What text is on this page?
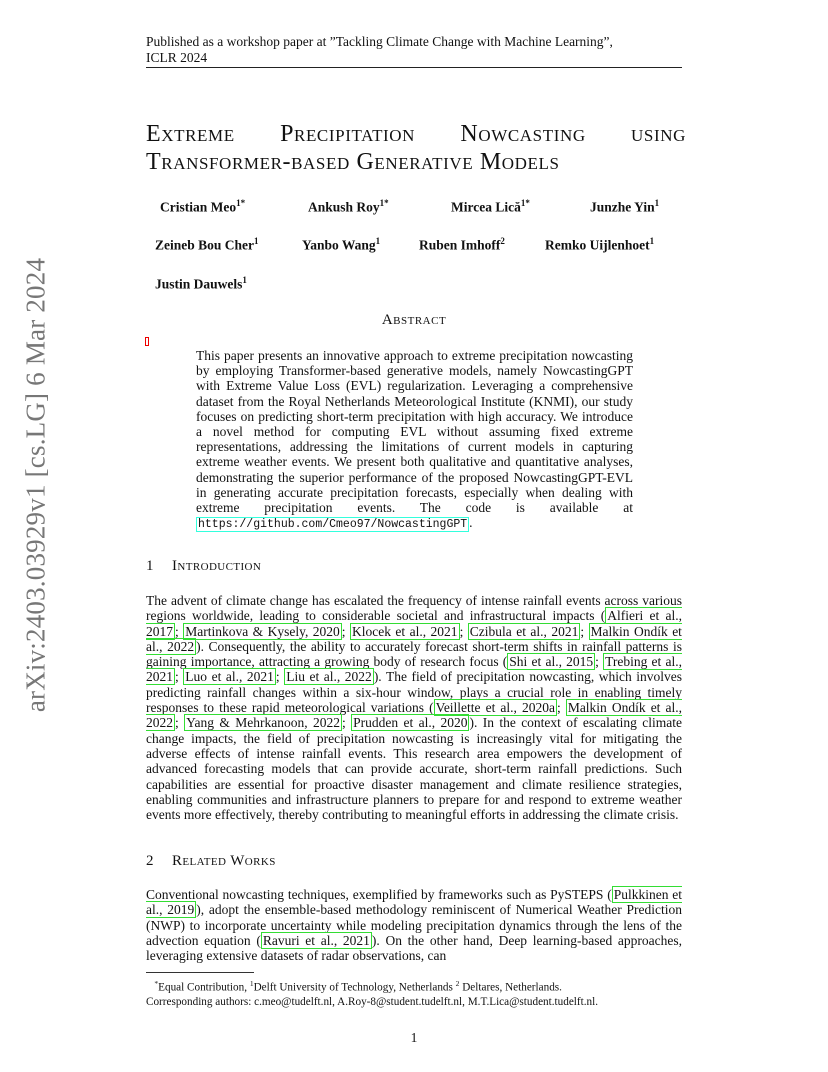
arXiv:2403.03929v1 [cs.LG] 6 Mar 2024
Published as a workshop paper at ”Tackling Climate Change with Machine Learning”,
ICLR 2024
Extreme Precipitation Nowcasting using
Transformer-based Generative Models
Cristian Meo$^{1*}$	Ankush Roy$^{1*}$	Mircea Lică$^{1*}$	Junzhe Yin$^1$
Zeineb Bou Cher$^1$	Yanbo Wang$^1$	Ruben Imhoff$^2$	Remko Uijlenhoet$^1$
Justin Dauwels$^1$
Abstract
This paper presents an innovative approach to extreme precipitation nowcasting by employing Transformer-based generative models, namely NowcastingGPT with Extreme Value Loss (EVL) regularization. Leveraging a comprehensive dataset from the Royal Netherlands Meteorological Institute (KNMI), our study focuses on predicting short-term precipitation with high accuracy. We introduce a novel method for computing EVL without assuming fixed extreme representations, addressing the limitations of current models in capturing extreme weather events. We present both qualitative and quantitative analyses, demonstrating the superior performance of the proposed NowcastingGPT-EVL in generating accurate precipitation forecasts, especially when dealing with extreme precipitation events. The code is available at https://github.com/Cmeo97/NowcastingGPT .
1 Introduction
The advent of climate change has escalated the frequency of intense rainfall events across various regions worldwide, leading to considerable societal and infrastructural impacts ( Alfieri et al., 2017 ; Martinkova & Kysely, 2020 ; Klocek et al., 2021 ; Czibula et al., 2021 ; Malkin Ondík et al., 2022 ). Consequently, the ability to accurately forecast short-term shifts in rainfall patterns is gaining importance, attracting a growing body of research focus ( Shi et al., 2015 ; Trebing et al., 2021 ; Luo et al., 2021 ; Liu et al., 2022 ). The field of precipitation nowcasting, which involves predicting rainfall changes within a six-hour window, plays a crucial role in enabling timely responses to these rapid meteorological variations ( Veillette et al., 2020a ; Malkin Ondík et al., 2022 ; Yang & Mehrkanoon, 2022 ; Prudden et al., 2020 ). In the context of escalating climate change impacts, the field of precipitation nowcasting is increasingly vital for mitigating the adverse effects of intense rainfall events. This research area empowers the development of advanced forecasting models that can provide accurate, short-term rainfall predictions. Such capabilities are essential for proactive disaster management and climate resilience strategies, enabling communities and infrastructure planners to prepare for and respond to extreme weather events more effectively, thereby contributing to meaningful efforts in addressing the climate crisis.
2 Related Works
Conventional nowcasting techniques, exemplified by frameworks such as PySTEPS ( Pulkkinen et al., 2019 ), adopt the ensemble-based methodology reminiscent of Numerical Weather Prediction (NWP) to incorporate uncertainty while modeling precipitation dynamics through the lens of the advection equation ( Ravuri et al., 2021 ). On the other hand, Deep learning-based approaches, leveraging extensive datasets of radar observations, can
*Equal Contribution, $^1$Delft University of Technology, Netherlands $^2$ Deltares, Netherlands.
Corresponding authors: c.meo@tudelft.nl, A.Roy-8@student.tudelft.nl, M.T.Lica@student.tudelft.nl.
1
